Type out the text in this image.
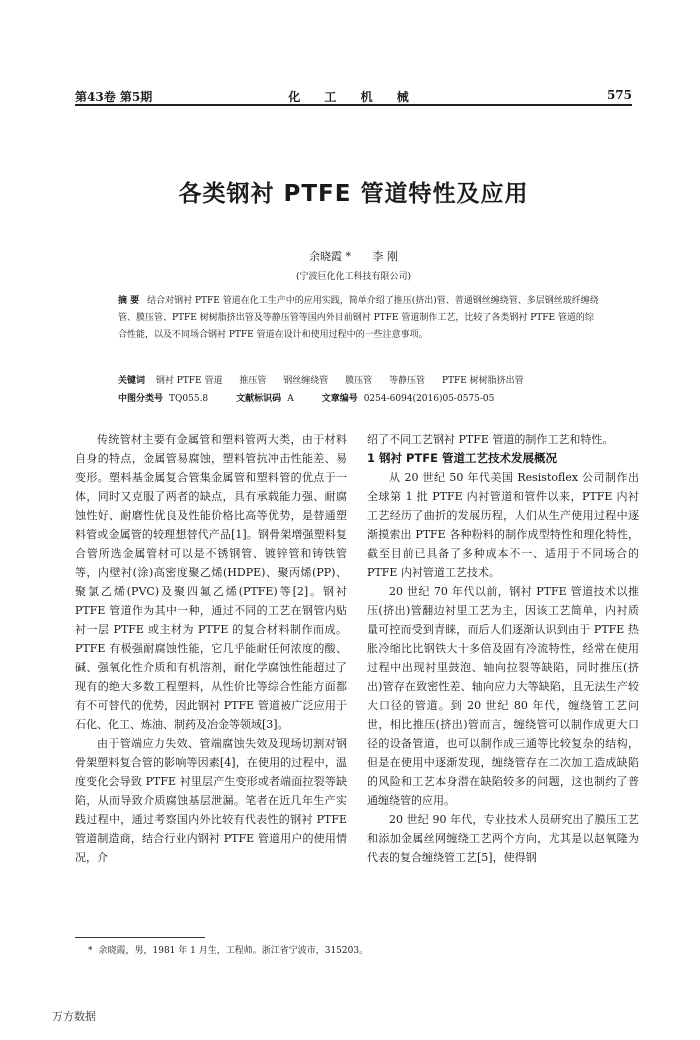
第43卷 第5期	化 工 机 械	575
各类钢衬 PTFE 管道特性及应用
余晓霞 * 李 刚
(宁波巨化化工科技有限公司)
摘 要 结合对钢衬 PTFE 管道在化工生产中的应用实践，简单介绍了推压(挤出)管、普通钢丝缠绕管、多层钢丝玻纤缠绕管、膜压管、PTFE 树树脂挤出管及等静压管等国内外目前钢衬 PTFE 管道制作工艺，比较了各类钢衬 PTFE 管道的综合性能，以及不同场合钢衬 PTFE 管道在设计和使用过程中的一些注意事项。
关键词 钢衬 PTFE 管道 推压管 钢丝缠绕管 膜压管 等静压管 PTFE 树树脂挤出管
中图分类号 TQ055.8	文献标识码 A	文章编号 0254-6094(2016)05-0575-05

传统管材主要有金属管和塑料管两大类，由于材料自身的特点，金属管易腐蚀，塑料管抗冲击性能差、易变形。塑料基金属复合管集金属管和塑料管的优点于一体，同时又克服了两者的缺点，具有承载能力强、耐腐蚀性好、耐磨性优良及性能价格比高等优势，是替通塑料管或金属管的较理想替代产品[1]。钢骨架增强塑料复合管所选金属管材可以是不锈钢管、镀锌管和铸铁管等，内壁衬(涂)高密度聚乙烯(HDPE)、聚丙烯(PP)、聚氯乙烯(PVC)及聚四氟乙烯(PTFE)等[2]。钢衬 PTFE 管道作为其中一种，通过不同的工艺在钢管内贴衬一层 PTFE 或主材为 PTFE 的复合材料制作而成。PTFE 有极强耐腐蚀性能，它几乎能耐任何浓度的酸、碱、强氧化性介质和有机溶剂，耐化学腐蚀性能超过了现有的绝大多数工程塑料，从性价比等综合性能方面都有不可替代的优势，因此钢衬 PTFE 管道被广泛应用于石化、化工、炼油、制药及冶金等领域[3]。

由于管端应力失效、管端腐蚀失效及现场切割对钢骨架塑料复合管的影响等因素[4]，在使用的过程中，温度变化会导致 PTFE 衬里层产生变形或者端面拉裂等缺陷，从而导致介质腐蚀基层泄漏。笔者在近几年生产实践过程中，通过考察国内外比较有代表性的钢衬 PTFE 管道制造商，结合行业内钢衬 PTFE 管道用户的使用情况，介

绍了不同工艺钢衬 PTFE 管道的制作工艺和特性。

1 钢衬 PTFE 管道工艺技术发展概况

从 20 世纪 50 年代美国 Resistoflex 公司制作出全球第 1 批 PTFE 内衬管道和管件以来，PTFE 内衬工艺经历了曲折的发展历程，人们从生产使用过程中逐渐摸索出 PTFE 各种粉料的制作成型特性和理化特性，截至目前已具备了多种成本不一、适用于不同场合的 PTFE 内衬管道工艺技术。

20 世纪 70 年代以前，钢衬 PTFE 管道技术以推压(挤出)管翻边衬里工艺为主，因该工艺简单，内衬质量可控而受到青睐，而后人们逐渐认识到由于 PTFE 热胀冷缩比比钢铁大十多倍及固有冷流特性，经常在使用过程中出现衬里鼓泡、轴向拉裂等缺陷，同时推压(挤出)管存在致密性差、轴向应力大等缺陷，且无法生产较大口径的管道。到 20 世纪 80 年代，缠绕管工艺问世，相比推压(挤出)管而言，缠绕管可以制作成更大口径的设备管道，也可以制作成三通等比较复杂的结构，但是在使用中逐渐发现，缠绕管存在二次加工造成缺陷的风险和工艺本身潜在缺陷较多的问题，这也制约了普通缠绕管的应用。

20 世纪 90 年代，专业技术人员研究出了膜压工艺和添加金属丝网缠绕工艺两个方向，尤其是以赵氧隆为代表的复合缠绕管工艺[5]，使得钢

* 余晓霞，男，1981 年 1 月生，工程师。浙江省宁波市，315203。
万方数据
